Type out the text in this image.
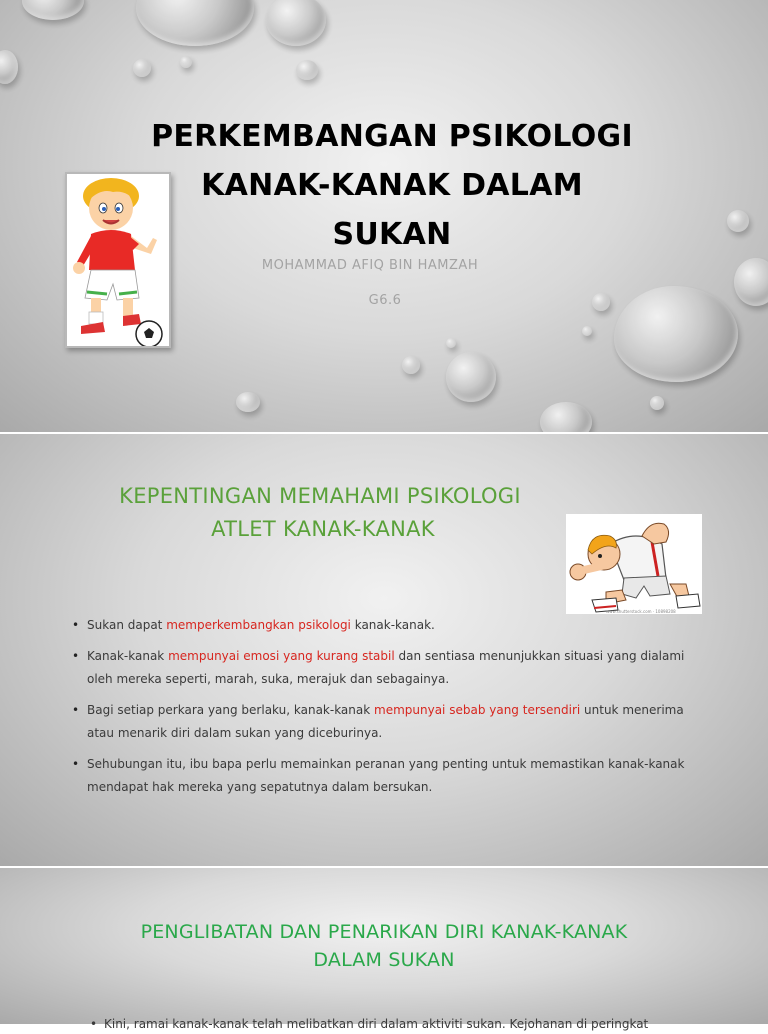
PERKEMBANGAN PSIKOLOGI
KANAK-KANAK DALAM
SUKAN
MOHAMMAD AFIQ BIN HAMZAH
G6.6
KEPENTINGAN MEMAHAMI PSIKOLOGI
ATLET KANAK-KANAK
www.shutterstock.com · 10898208
• Sukan dapat memperkembangkan psikologi kanak-kanak.
• Kanak-kanak mempunyai emosi yang kurang stabil dan sentiasa menunjukkan situasi yang dialami oleh mereka seperti, marah, suka, merajuk dan sebagainya.
• Bagi setiap perkara yang berlaku, kanak-kanak mempunyai sebab yang tersendiri untuk menerima atau menarik diri dalam sukan yang diceburinya.
• Sehubungan itu, ibu bapa perlu memainkan peranan yang penting untuk memastikan kanak-kanak mendapat hak mereka yang sepatutnya dalam bersukan.
PENGLIBATAN DAN PENARIKAN DIRI KANAK-KANAK
DALAM SUKAN
• Kini, ramai kanak-kanak telah melibatkan diri dalam aktiviti sukan. Kejohanan di peringkat
